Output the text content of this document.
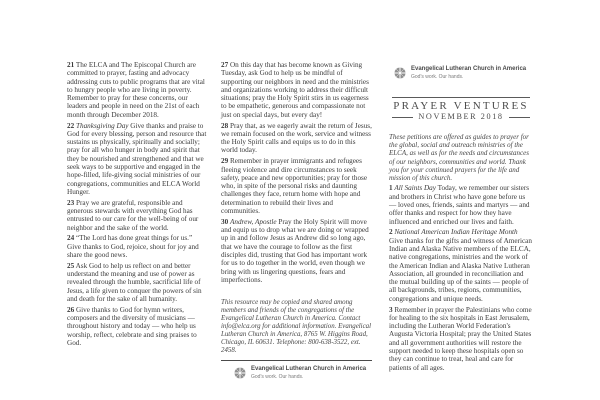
21 The ELCA and The Episcopal Church are committed to prayer, fasting and advocacy addressing cuts to public programs that are vital to hungry people who are living in poverty. Remember to pray for these concerns, our leaders and people in need on the 21st of each month through December 2018.

22 Thanksgiving Day Give thanks and praise to God for every blessing, person and resource that sustains us physically, spiritually and socially; pray for all who hunger in body and spirit that they be nourished and strengthened and that we seek ways to be supportive and engaged in the hope-filled, life-giving social ministries of our congregations, communities and ELCA World Hunger.

23 Pray we are grateful, responsible and generous stewards with everything God has entrusted to our care for the well-being of our neighbor and the sake of the world.

24 “The Lord has done great things for us.” Give thanks to God, rejoice, shout for joy and share the good news.

25 Ask God to help us reflect on and better understand the meaning and use of power as revealed through the humble, sacrificial life of Jesus, a life given to conquer the powers of sin and death for the sake of all humanity.

26 Give thanks to God for hymn writers, composers and the diversity of musicians — throughout history and today — who help us worship, reflect, celebrate and sing praises to God.

27 On this day that has become known as Giving Tuesday, ask God to help us be mindful of supporting our neighbors in need and the ministries and organizations working to address their difficult situations; pray the Holy Spirit stirs in us eagerness to be empathetic, generous and compassionate not just on special days, but every day!

28 Pray that, as we eagerly await the return of Jesus, we remain focused on the work, service and witness the Holy Spirit calls and equips us to do in this world today.

29 Remember in prayer immigrants and refugees fleeing violence and dire circumstances to seek safety, peace and new opportunities; pray for those who, in spite of the personal risks and daunting challenges they face, return home with hope and determination to rebuild their lives and communities.

30 Andrew, Apostle Pray the Holy Spirit will move and equip us to drop what we are doing or wrapped up in and follow Jesus as Andrew did so long ago, that we have the courage to follow as the first disciples did, trusting that God has important work for us to do together in the world, even though we bring with us lingering questions, fears and imperfections.

This resource may be copied and shared among members and friends of the congregations of the Evangelical Lutheran Church in America. Contact info@elca.org for additional information. Evangelical Lutheran Church in America, 8765 W. Higgins Road, Chicago, IL 60631. Telephone: 800-638-3522, ext. 2458.

Evangelical Lutheran Church in America
God's work. Our hands.
Evangelical Lutheran Church in America
God's work. Our hands.
PRAYER VENTURES
NOVEMBER 2018

These petitions are offered as guides to prayer for the global, social and outreach ministries of the ELCA, as well as for the needs and circumstances of our neighbors, communities and world. Thank you for your continued prayers for the life and mission of this church.

1 All Saints Day Today, we remember our sisters and brothers in Christ who have gone before us — loved ones, friends, saints and martyrs — and offer thanks and respect for how they have influenced and enriched our lives and faith.

2 National American Indian Heritage Month Give thanks for the gifts and witness of American Indian and Alaska Native members of the ELCA, native congregations, ministries and the work of the American Indian and Alaska Native Lutheran Association, all grounded in reconciliation and the mutual building up of the saints — people of all backgrounds, tribes, regions, communities, congregations and unique needs.

3 Remember in prayer the Palestinians who come for healing to the six hospitals in East Jerusalem, including the Lutheran World Federation's Augusta Victoria Hospital; pray the United States and all government authorities will restore the support needed to keep these hospitals open so they can continue to treat, heal and care for patients of all ages.
